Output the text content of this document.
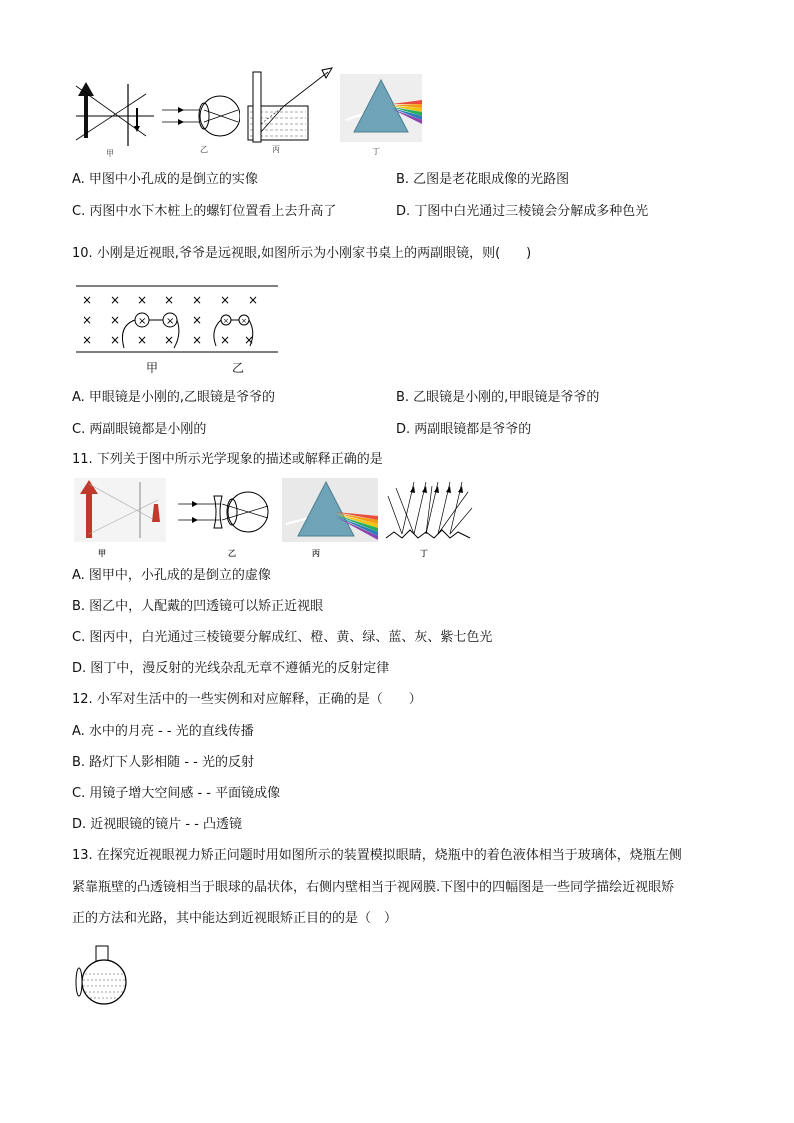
甲	乙	丙	丁
A. 甲图中小孔成的是倒立的实像	B. 乙图是老花眼成像的光路图
C. 丙图中水下木桩上的螺钉位置看上去升高了	D. 丁图中白光通过三棱镜会分解成多种色光
10. 小刚是近视眼,爷爷是远视眼,如图所示为小刚家书桌上的两副眼镜，则(　　)
× × × × × × ×
× ×	×
× × × × × × ×
× ×	× ×
甲	乙
A. 甲眼镜是小刚的,乙眼镜是爷爷的	B. 乙眼镜是小刚的,甲眼镜是爷爷的
C. 两副眼镜都是小刚的	D. 两副眼镜都是爷爷的
11. 下列关于图中所示光学现象的描述或解释正确的是
甲	乙	丙	丁
A. 图甲中，小孔成的是倒立的虚像
B. 图乙中，人配戴的凹透镜可以矫正近视眼
C. 图丙中，白光通过三棱镜要分解成红、橙、黄、绿、蓝、灰、紫七色光
D. 图丁中，漫反射的光线杂乱无章不遵循光的反射定律
12. 小军对生活中的一些实例和对应解释，正确的是（　　）
A. 水中的月亮 - - 光的直线传播
B. 路灯下人影相随 - - 光的反射
C. 用镜子增大空间感 - - 平面镜成像
D. 近视眼镜的镜片 - - 凸透镜
13. 在探究近视眼视力矫正问题时用如图所示的装置模拟眼睛，烧瓶中的着色液体相当于玻璃体，烧瓶左侧
紧靠瓶壁的凸透镜相当于眼球的晶状体，右侧内壁相当于视网膜.下图中的四幅图是一些同学描绘近视眼矫
正的方法和光路，其中能达到近视眼矫正目的的是（　）
